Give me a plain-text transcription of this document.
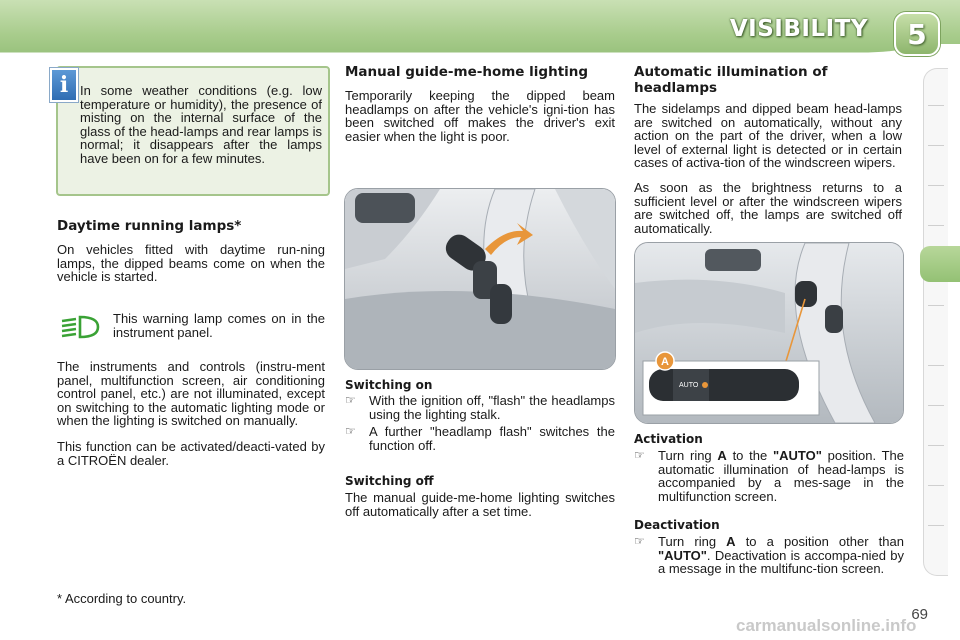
VISIBILITY	5

In some weather conditions (e.g. low temperature or humidity), the presence of misting on the internal surface of the glass of the head-lamps and rear lamps is normal; it disappears after the lamps have been on for a few minutes.

i
Daytime running lamps*

On vehicles fitted with daytime run-ning lamps, the dipped beams come on when the vehicle is started.

This warning lamp comes on in the instrument panel.

The instruments and controls (instru-ment panel, multifunction screen, air conditioning control panel, etc.) are not illuminated, except on switching to the automatic lighting mode or when the lighting is switched on manually.

This function can be activated/deacti-vated by a CITROËN dealer.

* According to country.

Manual guide-me-home lighting

Temporarily keeping the dipped beam headlamps on after the vehicle's igni-tion has been switched off makes the driver's exit easier when the light is poor.

Switching on
☞ With the ignition off, "flash" the headlamps using the lighting stalk.
☞ A further "headlamp flash" switches the function off.
Switching off

The manual guide-me-home lighting switches off automatically after a set time.

Automatic illumination of headlamps

The sidelamps and dipped beam head-lamps are switched on automatically, without any action on the part of the driver, when a low level of external light is detected or in certain cases of activa-tion of the windscreen wipers.

As soon as the brightness returns to a sufficient level or after the windscreen wipers are switched off, the lamps are switched off automatically.

AUTO
A
Activation
☞ Turn ring A to the "AUTO" position. The automatic illumination of head-lamps is accompanied by a mes-sage in the multifunction screen.
Deactivation
☞ Turn ring A to a position other than "AUTO". Deactivation is accompa-nied by a message in the multifunc-tion screen.
69
carmanualsonline.info
